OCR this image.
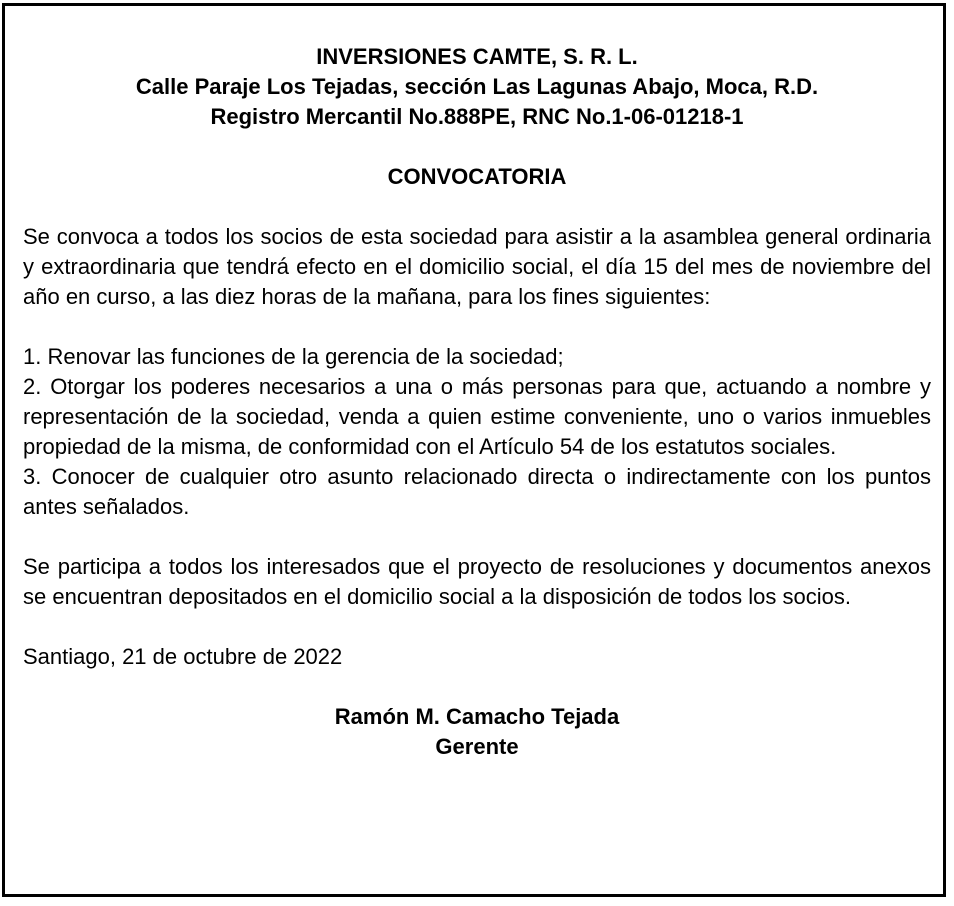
INVERSIONES CAMTE, S. R. L.
Calle Paraje Los Tejadas, sección Las Lagunas Abajo, Moca, R.D.
Registro Mercantil No.888PE, RNC No.1-06-01218-1
CONVOCATORIA

Se convoca a todos los socios de esta sociedad para asistir a la asamblea general ordinaria y extraordinaria que tendrá efecto en el domicilio social, el día 15 del mes de noviembre del año en curso, a las diez horas de la mañana, para los fines siguientes:

1. Renovar las funciones de la gerencia de la sociedad;

2. Otorgar los poderes necesarios a una o más personas para que, actuando a nombre y representación de la sociedad, venda a quien estime conveniente, uno o varios inmuebles propiedad de la misma, de conformidad con el Artículo 54 de los estatutos sociales.

3. Conocer de cualquier otro asunto relacionado directa o indirectamente con los puntos antes señalados.

Se participa a todos los interesados que el proyecto de resoluciones y documentos anexos se encuentran depositados en el domicilio social a la disposición de todos los socios.

Santiago, 21 de octubre de 2022

Ramón M. Camacho Tejada
Gerente
